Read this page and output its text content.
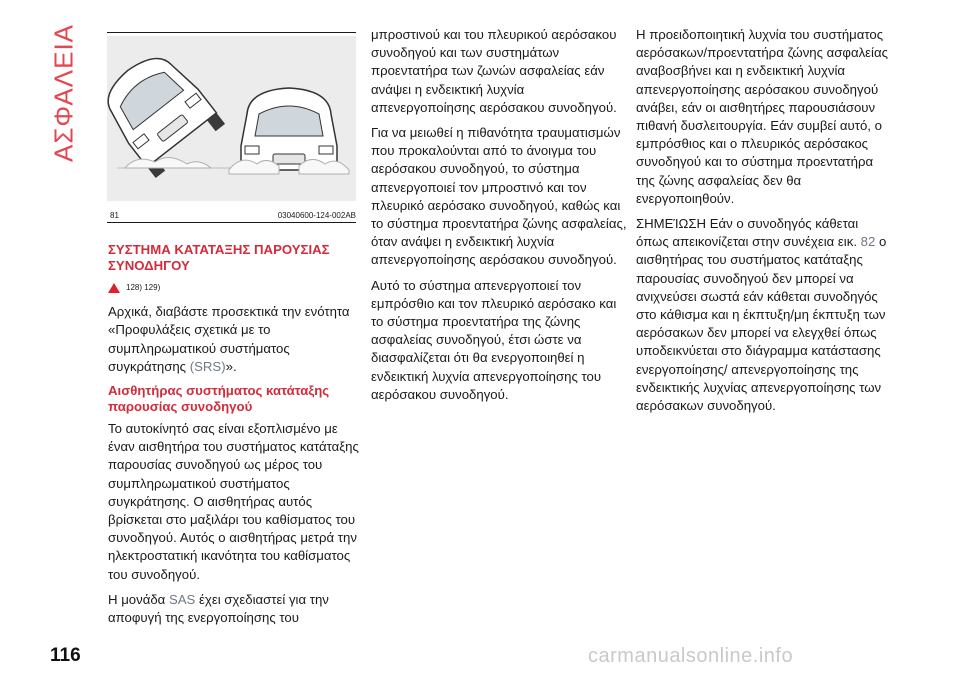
ΑΣΦΑΛΕΙΑ
81	03040600-124-002AB
ΣΥΣΤΗΜΑ ΚΑΤΑΤΑΞΗΣ ΠΑΡΟΥΣΙΑΣ ΣΥΝΟΔΗΓΟΥ
128) 129)

Αρχικά, διαβάστε προσεκτικά την ενότητα «Προφυλάξεις σχετικά με το συμπληρωματικού συστήματος συγκράτησης (SRS)».

Αισθητήρας συστήματος κατάταξης παρουσίας συνοδηγού

Το αυτοκίνητό σας είναι εξοπλισμένο με έναν αισθητήρα του συστήματος κατάταξης παρουσίας συνοδηγού ως μέρος του συμπληρωματικού συστήματος συγκράτησης. Ο αισθητήρας αυτός βρίσκεται στο μαξιλάρι του καθίσματος του συνοδηγού. Αυτός ο αισθητήρας μετρά την ηλεκτροστατική ικανότητα του καθίσματος του συνοδηγού.

Η μονάδα SAS έχει σχεδιαστεί για την αποφυγή της ενεργοποίησης του

μπροστινού και του πλευρικού αερόσακου συνοδηγού και των συστημάτων προεντατήρα των ζωνών ασφαλείας εάν ανάψει η ενδεικτική λυχνία απενεργοποίησης αερόσακου συνοδηγού.

Για να μειωθεί η πιθανότητα τραυματισμών που προκαλούνται από το άνοιγμα του αερόσακου συνοδηγού, το σύστημα απενεργοποιεί τον μπροστινό και τον πλευρικό αερόσακο συνοδηγού, καθώς και το σύστημα προεντατήρα ζώνης ασφαλείας, όταν ανάψει η ενδεικτική λυχνία απενεργοποίησης αερόσακου συνοδηγού.

Αυτό το σύστημα απενεργοποιεί τον εμπρόσθιο και τον πλευρικό αερόσακο και το σύστημα προεντατήρα της ζώνης ασφαλείας συνοδηγού, έτσι ώστε να διασφαλίζεται ότι θα ενεργοποιηθεί η ενδεικτική λυχνία απενεργοποίησης του αερόσακου συνοδηγού.

Η προειδοποιητική λυχνία του συστήματος αερόσακων/προεντατήρα ζώνης ασφαλείας αναβοσβήνει και η ενδεικτική λυχνία απενεργοποίησης αερόσακου συνοδηγού ανάβει, εάν οι αισθητήρες παρουσιάσουν πιθανή δυσλειτουργία. Εάν συμβεί αυτό, ο εμπρόσθιος και ο πλευρικός αερόσακος συνοδηγού και το σύστημα προεντατήρα της ζώνης ασφαλείας δεν θα ενεργοποιηθούν.

ΣΗΜΕΊΩΣΗ Εάν ο συνοδηγός κάθεται όπως απεικονίζεται στην συνέχεια εικ. 82 ο αισθητήρας του συστήματος κατάταξης παρουσίας συνοδηγού δεν μπορεί να ανιχνεύσει σωστά εάν κάθεται συνοδηγός στο κάθισμα και η έκπτυξη/μη έκπτυξη των αερόσακων δεν μπορεί να ελεγχθεί όπως υποδεικνύεται στο διάγραμμα κατάστασης ενεργοποίησης/ απενεργοποίησης της ενδεικτικής λυχνίας απενεργοποίησης των αερόσακων συνοδηγού.

116	carmanualsonline.info
